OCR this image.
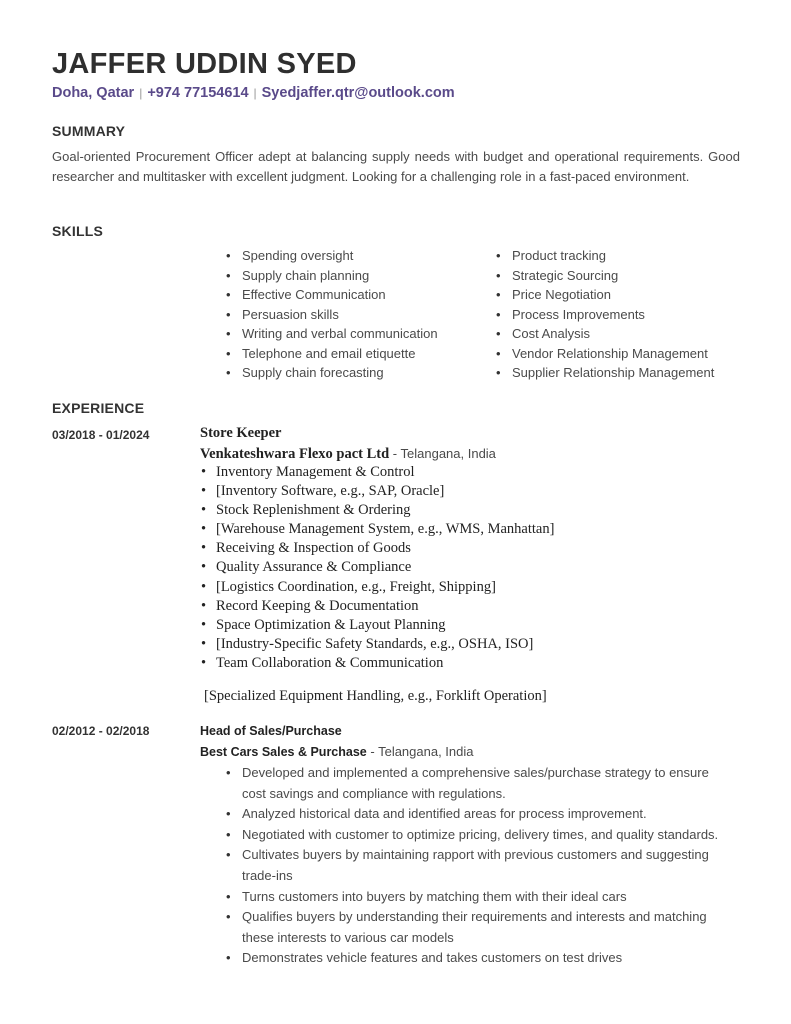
JAFFER UDDIN SYED
Doha, Qatar | +974 77154614 | Syedjaffer.qtr@outlook.com
SUMMARY
Goal-oriented Procurement Officer adept at balancing supply needs with budget and operational requirements. Good researcher and multitasker with excellent judgment. Looking for a challenging role in a fast-paced environment.
SKILLS
• Spending oversight
• Supply chain planning
• Effective Communication
• Persuasion skills
• Writing and verbal communication
• Telephone and email etiquette
• Supply chain forecasting
• Product tracking
• Strategic Sourcing
• Price Negotiation
• Process Improvements
• Cost Analysis
• Vendor Relationship Management
• Supplier Relationship Management
EXPERIENCE
03/2018 - 01/2024	Store Keeper
Venkateshwara Flexo pact Ltd - Telangana, India
• Inventory Management & Control
• [Inventory Software, e.g., SAP, Oracle]
• Stock Replenishment & Ordering
• [Warehouse Management System, e.g., WMS, Manhattan]
• Receiving & Inspection of Goods
• Quality Assurance & Compliance
• [Logistics Coordination, e.g., Freight, Shipping]
• Record Keeping & Documentation
• Space Optimization & Layout Planning
• [Industry-Specific Safety Standards, e.g., OSHA, ISO]
• Team Collaboration & Communication
[Specialized Equipment Handling, e.g., Forklift Operation]
02/2012 - 02/2018	Head of Sales/Purchase
Best Cars Sales & Purchase - Telangana, India
• Developed and implemented a comprehensive sales/purchase strategy to ensure cost savings and compliance with regulations.
• Analyzed historical data and identified areas for process improvement.
• Negotiated with customer to optimize pricing, delivery times, and quality standards.
• Cultivates buyers by maintaining rapport with previous customers and suggesting trade-ins
• Turns customers into buyers by matching them with their ideal cars
• Qualifies buyers by understanding their requirements and interests and matching these interests to various car models
• Demonstrates vehicle features and takes customers on test drives
